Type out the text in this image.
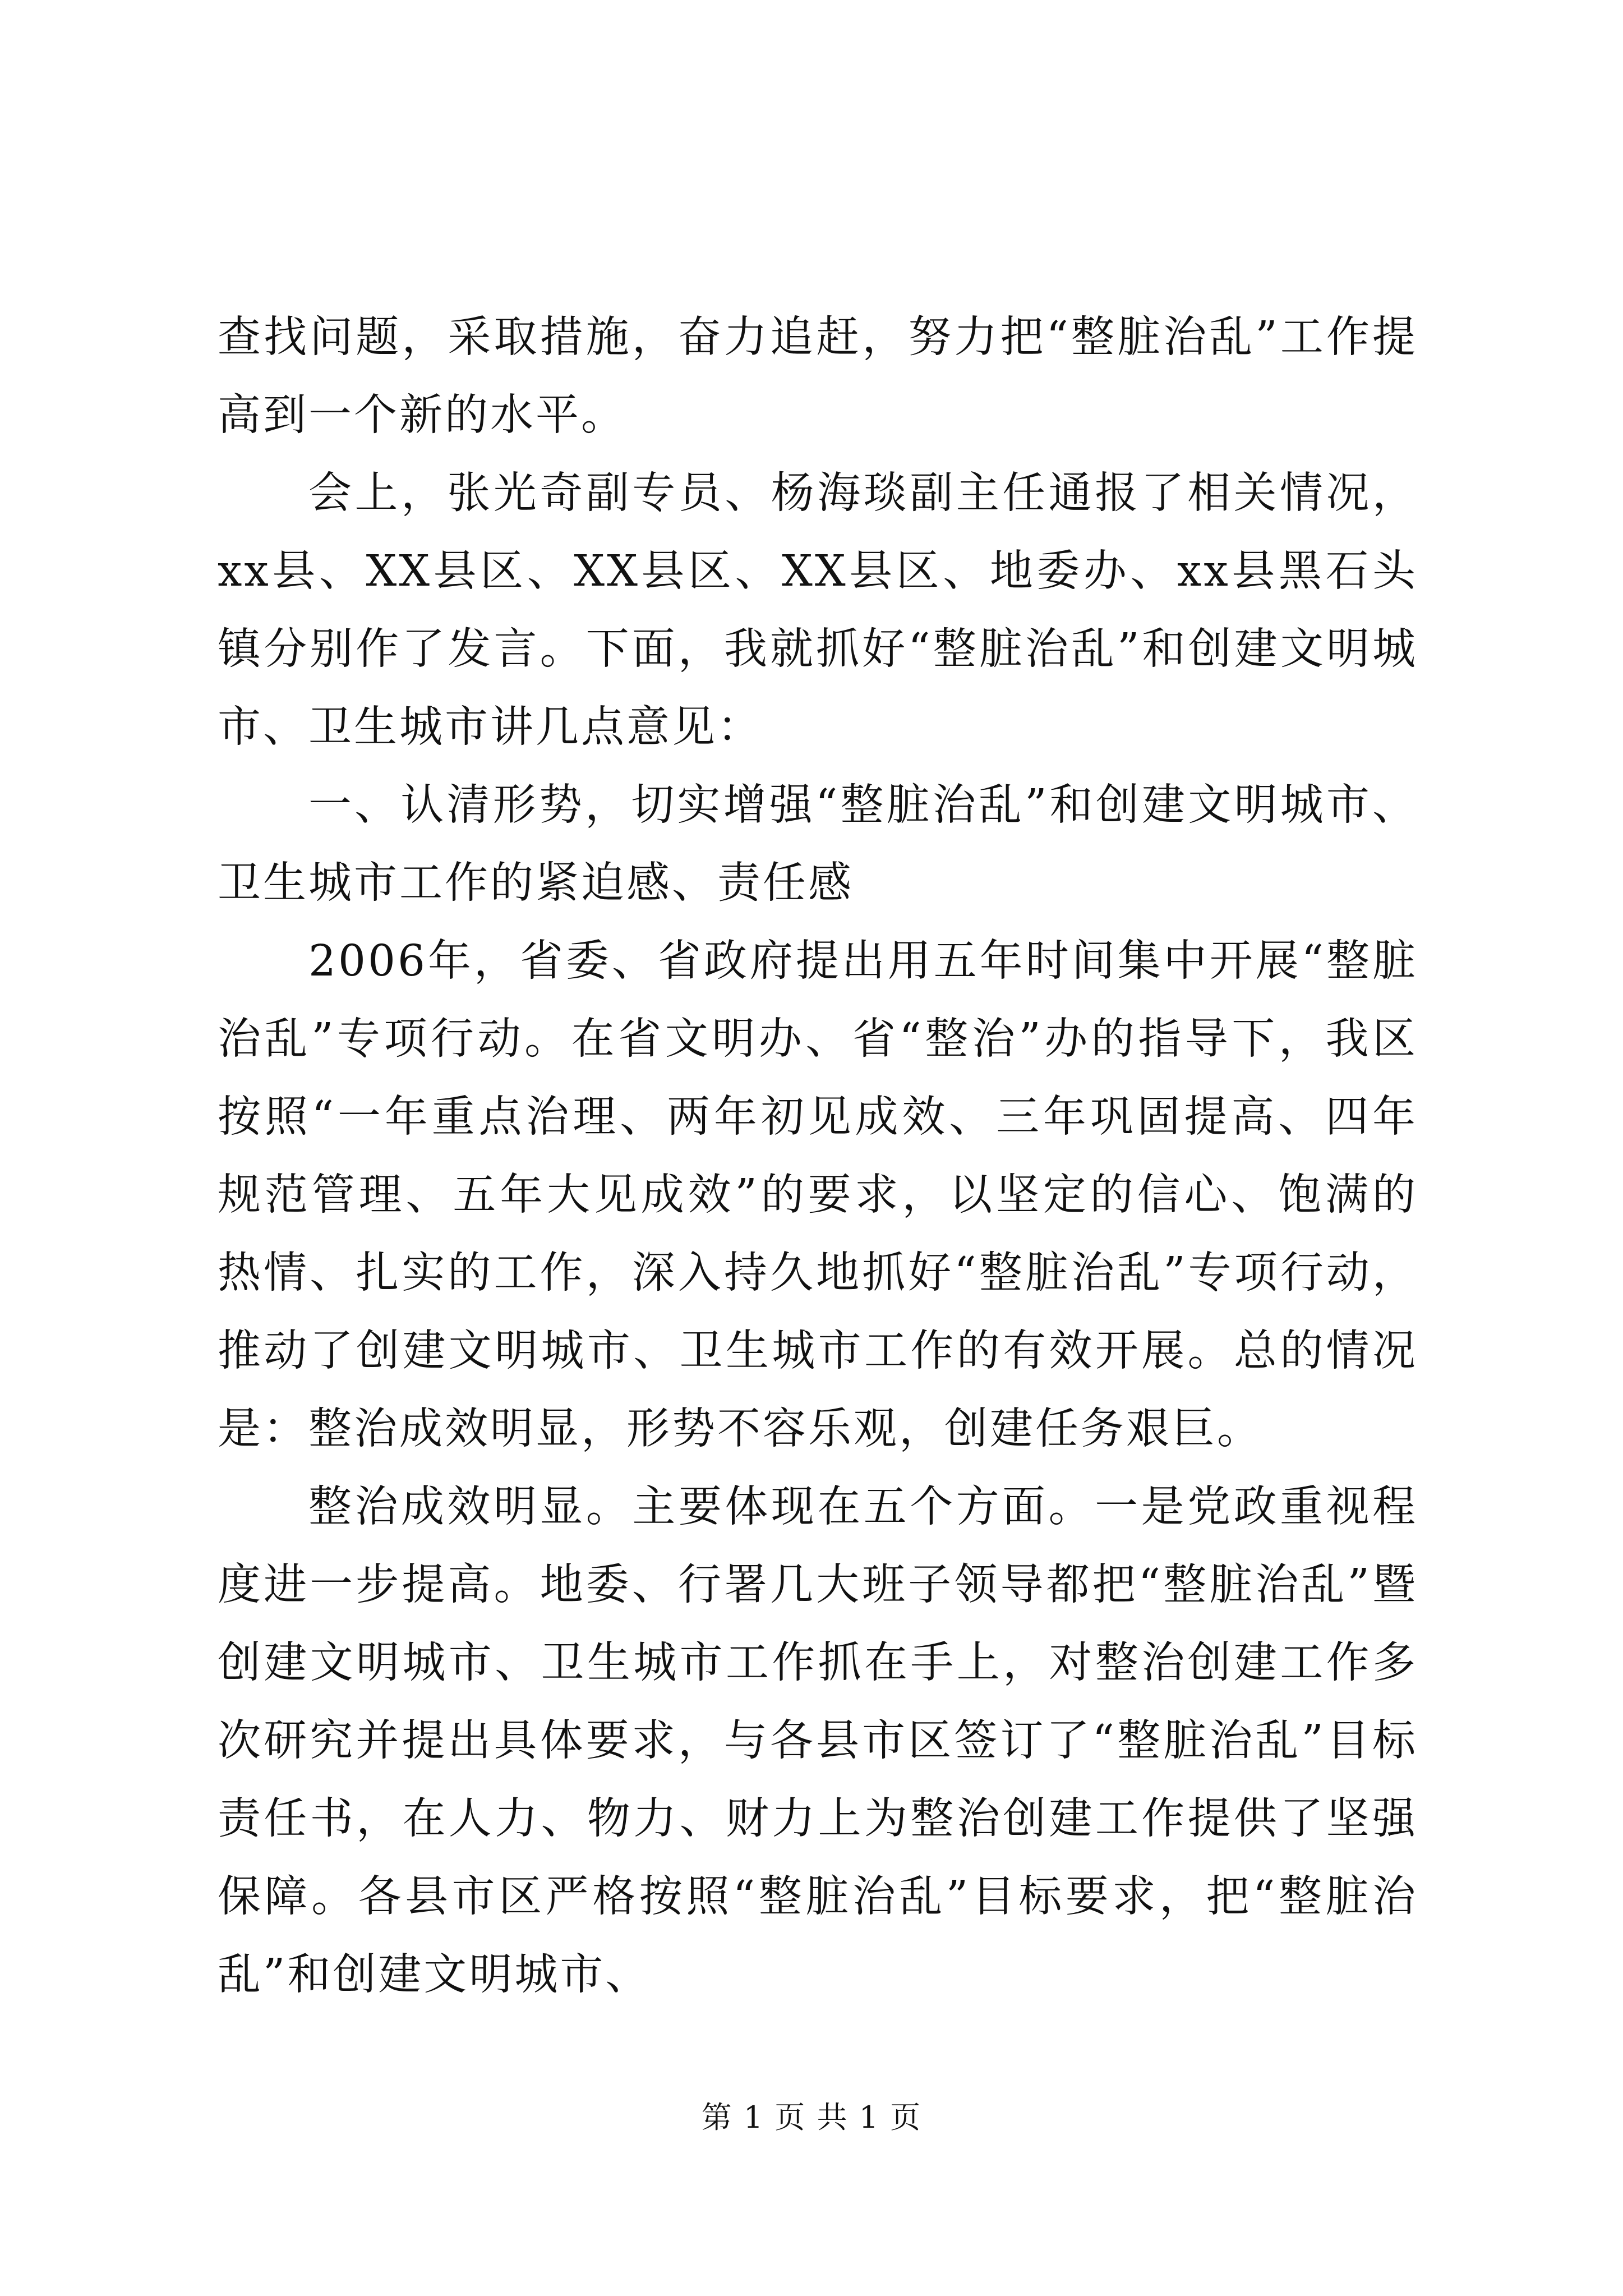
查找问题，采取措施，奋力追赶，努力把“整脏治乱”工作提高到一个新的水平。

会上，张光奇副专员、杨海琰副主任通报了相关情况，xx县、XX县区、XX县区、XX县区、地委办、xx县黑石头镇分别作了发言。下面，我就抓好“整脏治乱”和创建文明城市、卫生城市讲几点意见：

一、认清形势，切实增强“整脏治乱”和创建文明城市、卫生城市工作的紧迫感、责任感

2006年，省委、省政府提出用五年时间集中开展“整脏治乱”专项行动。在省文明办、省“整治”办的指导下，我区按照“一年重点治理、两年初见成效、三年巩固提高、四年规范管理、五年大见成效”的要求，以坚定的信心、饱满的热情、扎实的工作，深入持久地抓好“整脏治乱”专项行动，推动了创建文明城市、卫生城市工作的有效开展。总的情况是：整治成效明显，形势不容乐观，创建任务艰巨。

整治成效明显。主要体现在五个方面。一是党政重视程度进一步提高。地委、行署几大班子领导都把“整脏治乱”暨创建文明城市、卫生城市工作抓在手上，对整治创建工作多次研究并提出具体要求，与各县市区签订了“整脏治乱”目标责任书，在人力、物力、财力上为整治创建工作提供了坚强保障。各县市区严格按照“整脏治乱”目标要求，把“整脏治乱”和创建文明城市、

第 1 页 共 1 页
